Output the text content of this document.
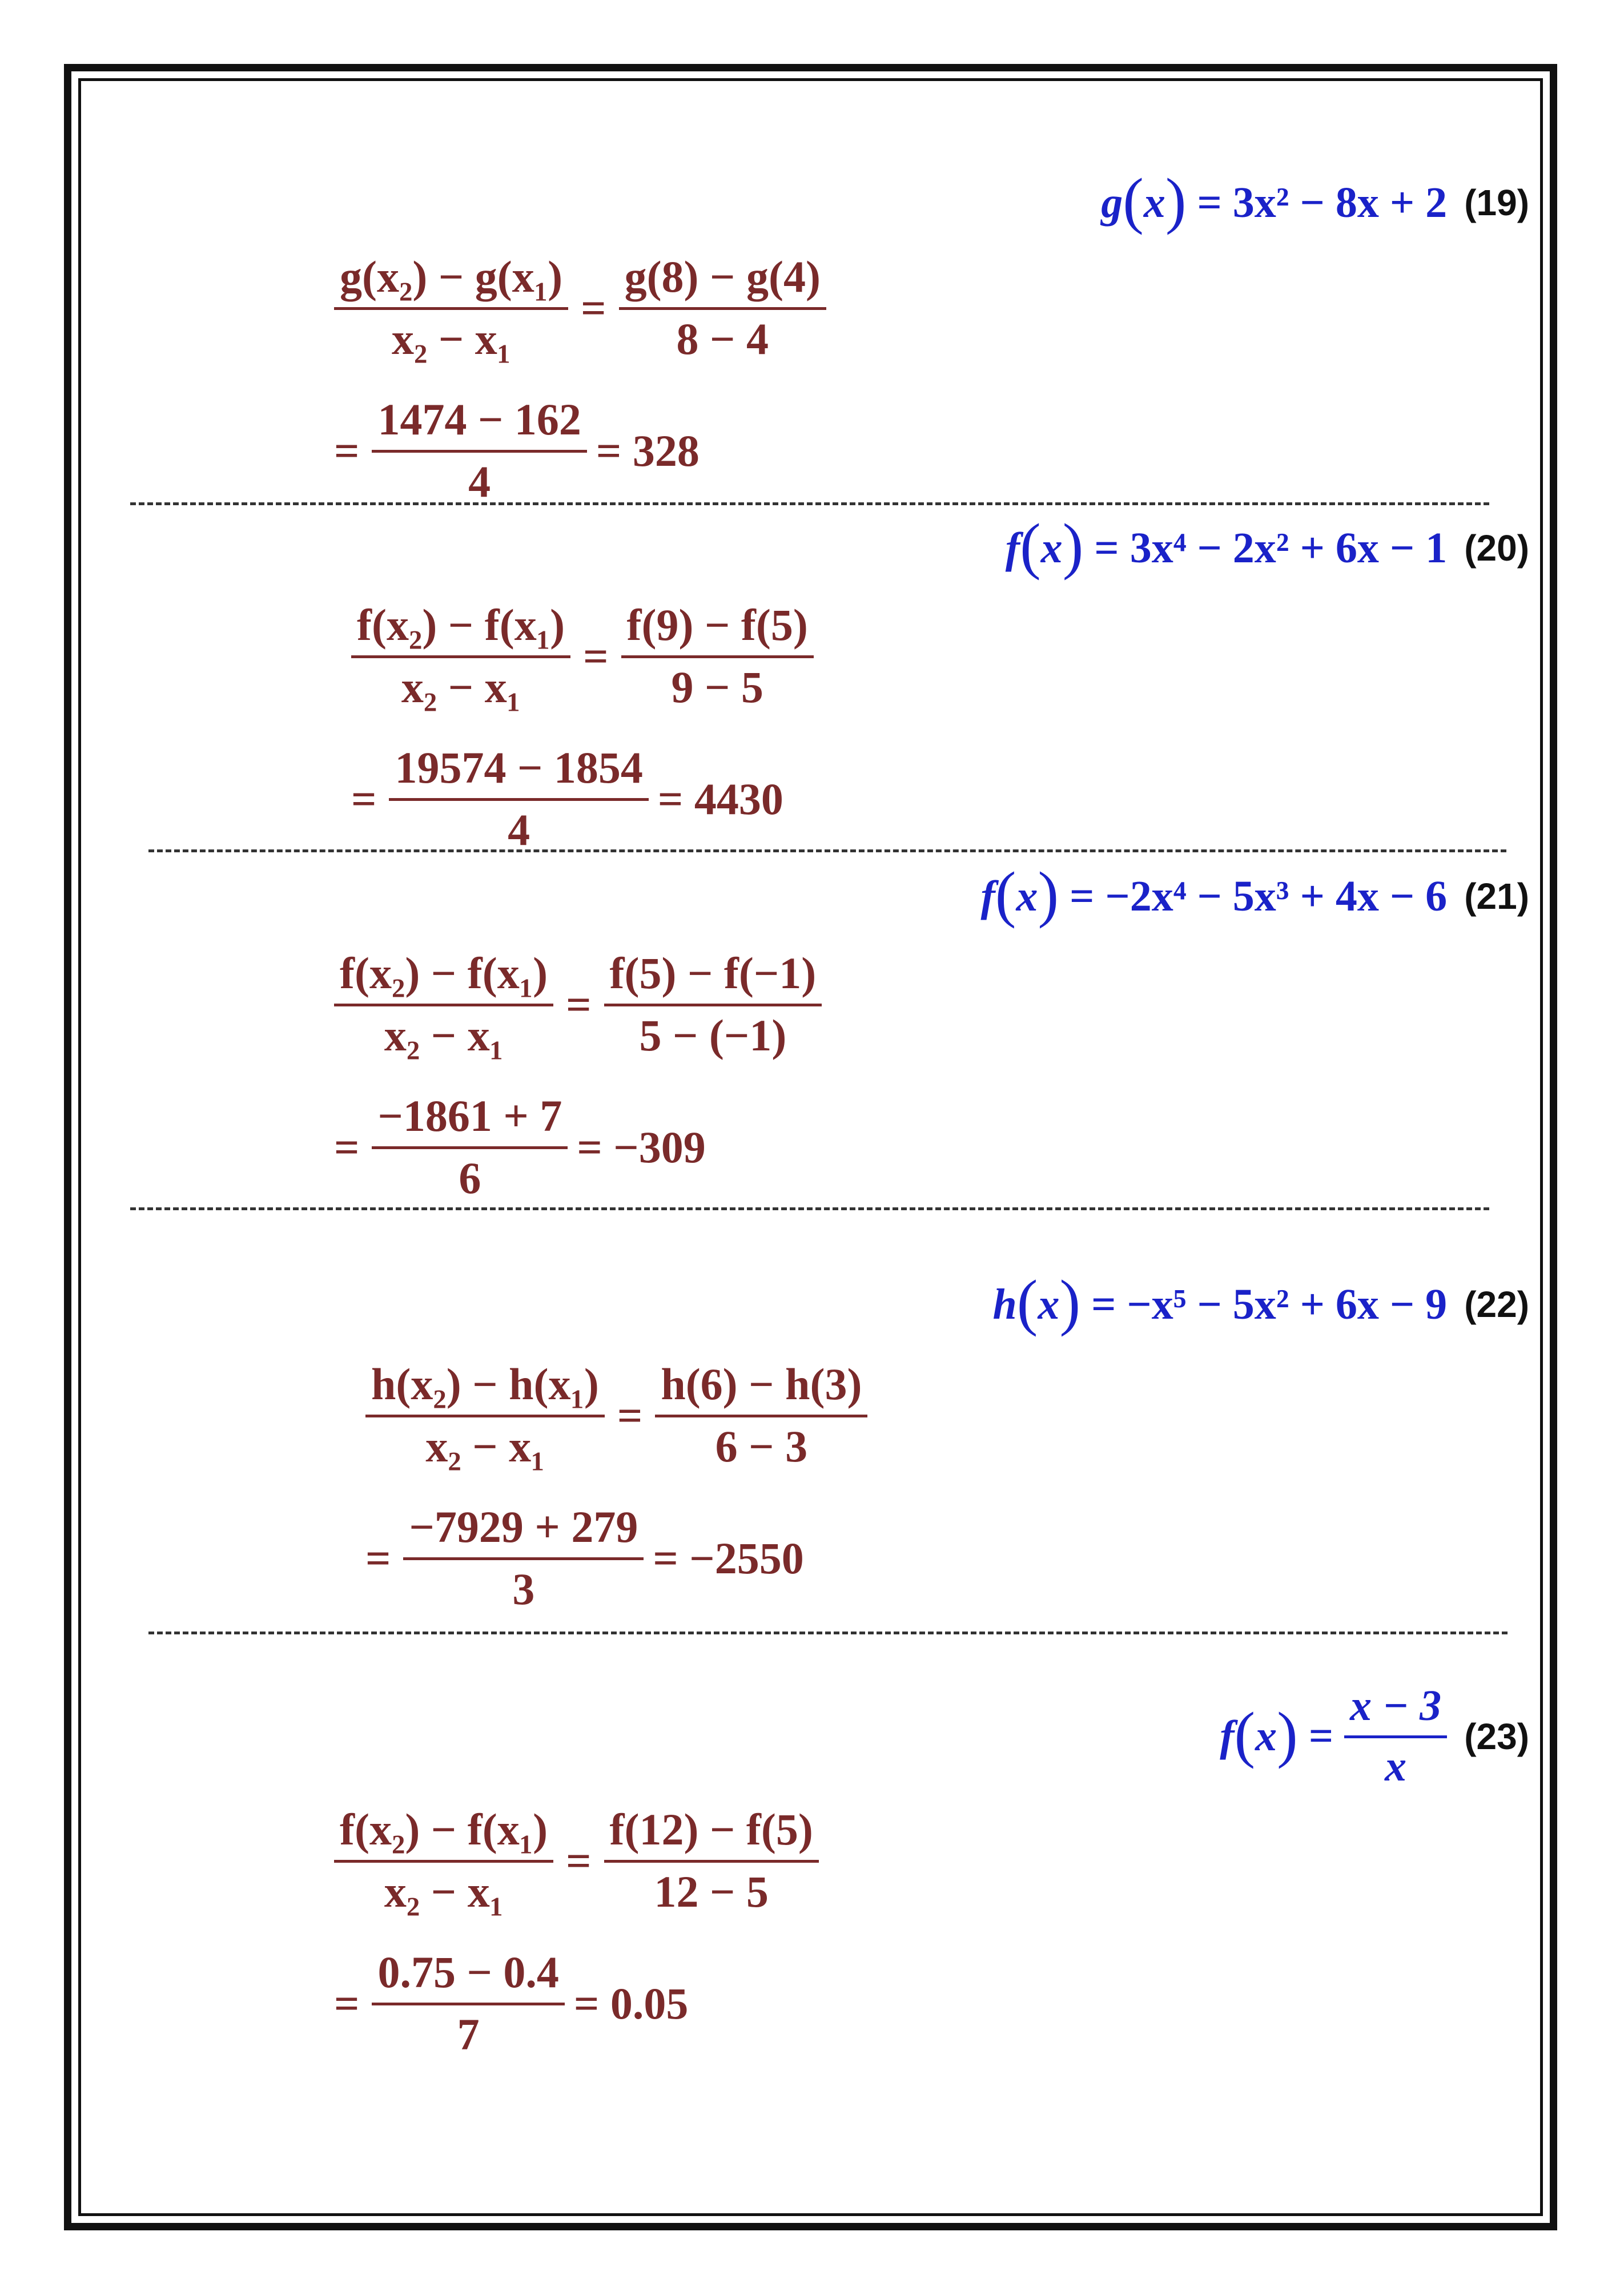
g ( x )
= 3x² − 8x + 2 (19)
$\frac{\text{g(x₂) − g(x₁)}}{\text{x₂ − x₁}} = \frac{g(8) - g(4)}{8 - 4}$
= $\frac{1474 - 162}{4} = 328$
f ( x )
= 3x⁴ − 2x² + 6x − 1 (20)
$\frac{\text{f(x₂) − f(x₁)}}{\text{x₂ − x₁}} = \frac{f(9) - f(5)}{9 - 5}$
= $\frac{19574 - 1854}{4} = 4430$
f ( x )
= −2x⁴ − 5x³ + 4x − 6 (21)
$\frac{\text{f(x₂) − f(x₁)}}{\text{x₂ − x₁}} = \frac{f(5) - f(-1)}{5 - (-1)}$
= $\frac{-1861 + 7}{6} = -309$
h ( x )
= −x⁵ − 5x² + 6x − 9 (22)
$\frac{\text{h(x₂) − h(x₁)}}{\text{x₂ − x₁}} = \frac{h(6) - h(3)}{6 - 3}$
= $\frac{-7929 + 279}{3} = -2550$
f ( x )
=
$\frac{x - 3}{x} (23)$
$\frac{\text{f(x₂) − f(x₁)}}{\text{x₂ − x₁}} = \frac{f(12) - f(5)}{12 - 5}$
= $\frac{0.75 - 0.4}{7} = 0.05$
